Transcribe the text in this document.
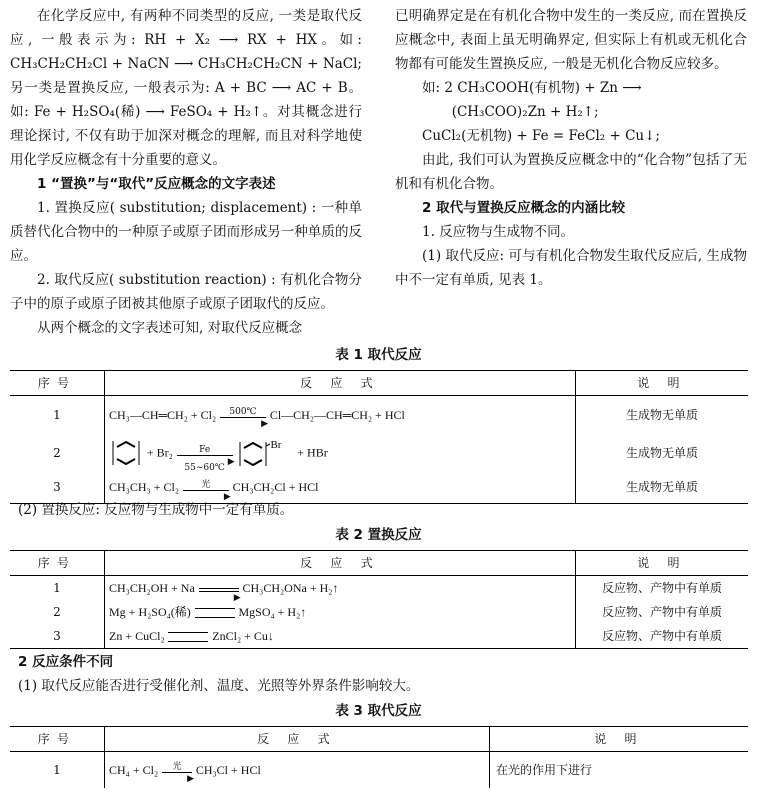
在化学反应中, 有两种不同类型的反应, 一类是取代反应, 一般表示为: RH + X₂ ⟶ RX + HX。如: CH₃CH₂CH₂Cl + NaCN ⟶ CH₃CH₂CH₂CN + NaCl; 另一类是置换反应, 一般表示为: A + BC ⟶ AC + B。如: Fe + H₂SO₄(稀) ⟶ FeSO₄ + H₂↑。对其概念进行理论探讨, 不仅有助于加深对概念的理解, 而且对科学地使用化学反应概念有十分重要的意义。

1 “置换”与“取代”反应概念的文字表述

1. 置换反应( substitution; displacement) : 一种单质替代化合物中的一种原子或原子团而形成另一种单质的反应。

2. 取代反应( substitution reaction) : 有机化合物分子中的原子或原子团被其他原子或原子团取代的反应。

从两个概念的文字表述可知, 对取代反应概念

已明确界定是在有机化合物中发生的一类反应, 而在置换反应概念中, 表面上虽无明确界定, 但实际上有机或无机化合物都有可能发生置换反应, 一般是无机化合物反应较多。

如: 2 CH₃COOH(有机物) + Zn ⟶

(CH₃COO)₂Zn + H₂↑;

CuCl₂(无机物) + Fe = FeCl₂ + Cu↓;

由此, 我们可认为置换反应概念中的“化合物”包括了无机和有机化合物。

2 取代与置换反应概念的内涵比较

1. 反应物与生成物不同。

(1) 取代反应: 可与有机化合物发生取代反应后, 生成物中不一定有单质, 见表 1。

表 1 取代反应
序号	反 应 式	说 明
1	CH₃—CH═CH₂ + Cl₂ 500℃
▶
Cl—CH₂—CH═CH₂ + HCl	生成物无单质
2	+ Br₂ Fe
▶
55~60℃
Br + HBr	生成物无单质
3	CH₃CH₃ + Cl₂ 光
▶
CH₃CH₂Cl + HCl	生成物无单质
(2) 置换反应: 反应物与生成物中一定有单质。
表 2 置换反应
序号	反 应 式	说 明
1	CH₃CH₂OH + Na
▶
CH₃CH₂ONa + H₂↑	反应物、产物中有单质
2	Mg + H₂SO₄(稀) MgSO₄ + H₂↑	反应物、产物中有单质
3	Zn + CuCl₂ ZnCl₂ + Cu↓	反应物、产物中有单质
2 反应条件不同
(1) 取代反应能否进行受催化剂、温度、光照等外界条件影响较大。
表 3 取代反应
序号	反 应 式	说 明
1	CH₄ + Cl₂ 光
▶
CH₃Cl + HCl	在光的作用下进行
